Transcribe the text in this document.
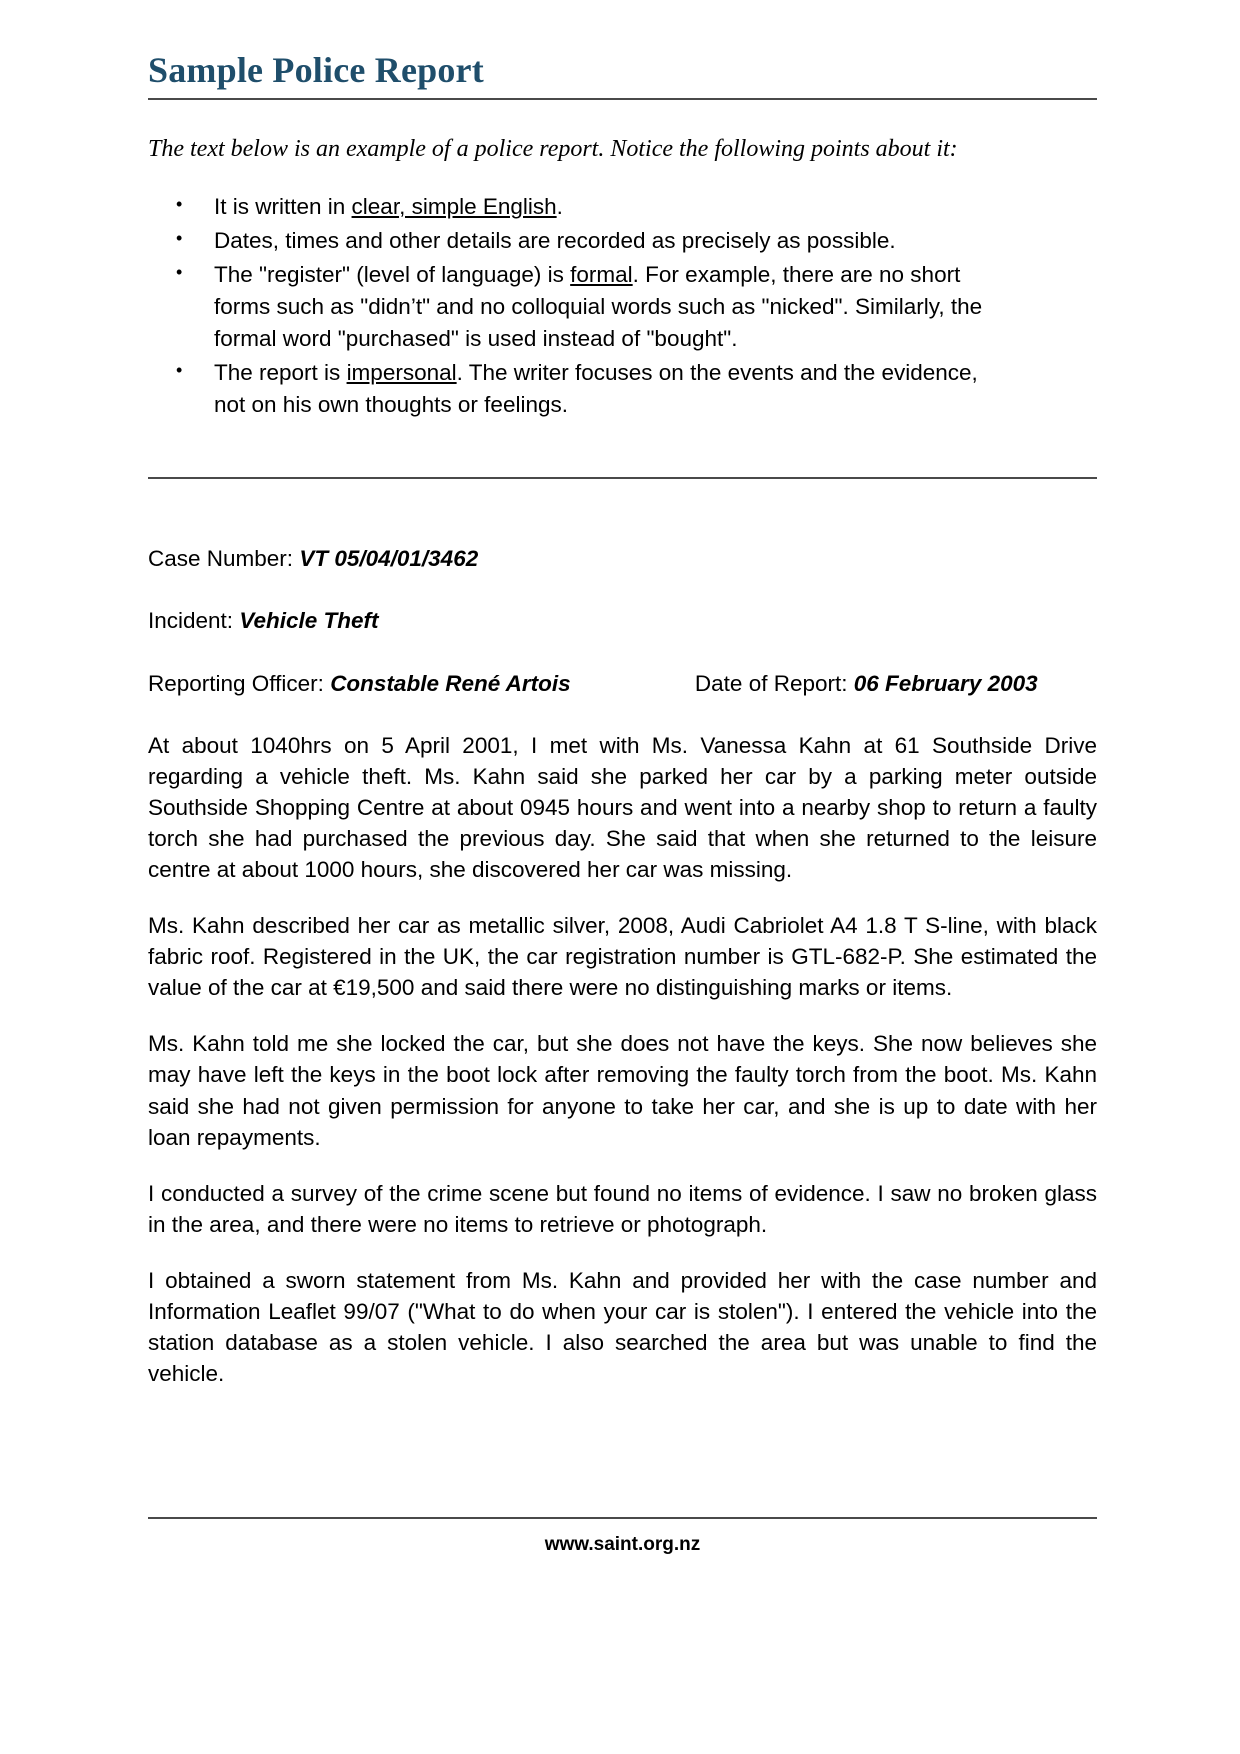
Sample Police Report

The text below is an example of a police report. Notice the following points about it:

• It is written in clear, simple English.
• Dates, times and other details are recorded as precisely as possible.
• The "register" (level of language) is formal. For example, there are no short forms such as "didn’t" and no colloquial words such as "nicked". Similarly, the formal word "purchased" is used instead of "bought".
• The report is impersonal. The writer focuses on the events and the evidence, not on his own thoughts or feelings.
Case Number: VT 05/04/01/3462
Incident: Vehicle Theft
Reporting Officer: Constable René Artois	Date of Report: 06 February 2003

At about 1040hrs on 5 April 2001, I met with Ms. Vanessa Kahn at 61 Southside Drive regarding a vehicle theft. Ms. Kahn said she parked her car by a parking meter outside Southside Shopping Centre at about 0945 hours and went into a nearby shop to return a faulty torch she had purchased the previous day. She said that when she returned to the leisure centre at about 1000 hours, she discovered her car was missing.

Ms. Kahn described her car as metallic silver, 2008, Audi Cabriolet A4 1.8 T S-line, with black fabric roof. Registered in the UK, the car registration number is GTL-682-P. She estimated the value of the car at €19,500 and said there were no distinguishing marks or items.

Ms. Kahn told me she locked the car, but she does not have the keys. She now believes she may have left the keys in the boot lock after removing the faulty torch from the boot. Ms. Kahn said she had not given permission for anyone to take her car, and she is up to date with her loan repayments.

I conducted a survey of the crime scene but found no items of evidence. I saw no broken glass in the area, and there were no items to retrieve or photograph.

I obtained a sworn statement from Ms. Kahn and provided her with the case number and Information Leaflet 99/07 ("What to do when your car is stolen"). I entered the vehicle into the station database as a stolen vehicle. I also searched the area but was unable to find the vehicle.

www.saint.org.nz
